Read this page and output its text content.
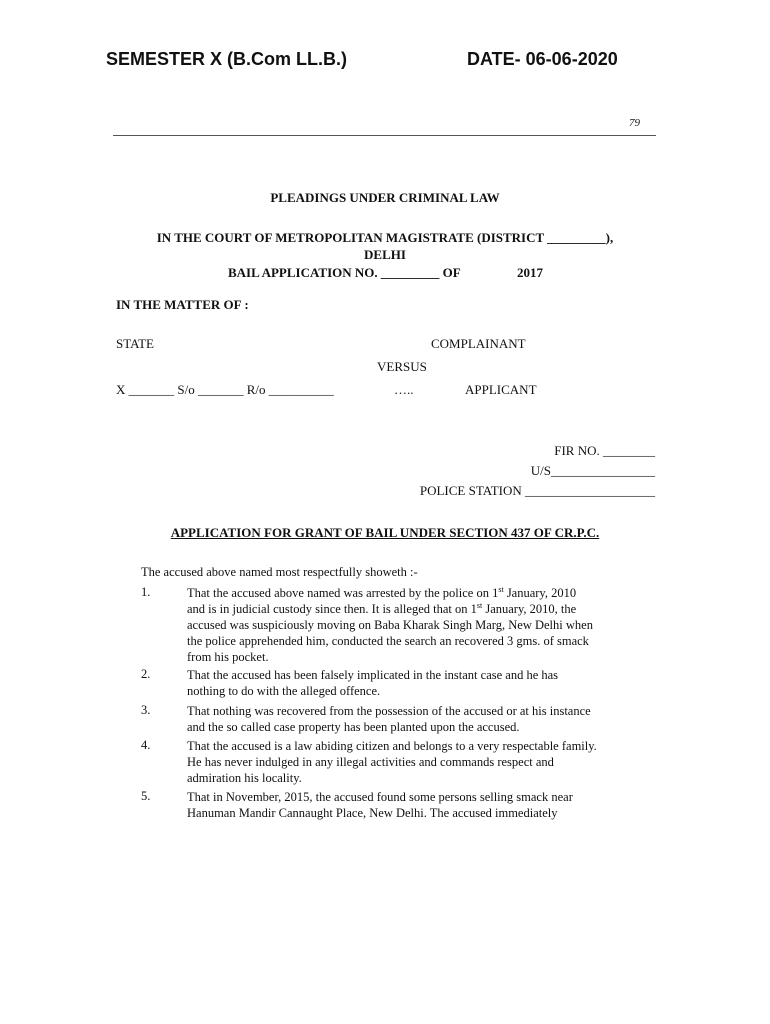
SEMESTER X (B.Com LL.B.)	DATE- 06-06-2020
79
PLEADINGS UNDER CRIMINAL LAW
IN THE COURT OF METROPOLITAN MAGISTRATE (DISTRICT _________),
DELHI
BAIL APPLICATION NO. _________ OF	2017
IN THE MATTER OF :
STATE	COMPLAINANT
VERSUS
X _______ S/o _______ R/o __________	…..	APPLICANT
FIR NO. ________
U/S________________
POLICE STATION ____________________
APPLICATION FOR GRANT OF BAIL UNDER SECTION 437 OF CR.P.C.
The accused above named most respectfully showeth :-
1.	That the accused above named was arrested by the police on 1st January, 2010
and is in judicial custody since then. It is alleged that on 1st January, 2010, the
accused was suspiciously moving on Baba Kharak Singh Marg, New Delhi when
the police apprehended him, conducted the search an recovered 3 gms. of smack
from his pocket.
2.	That the accused has been falsely implicated in the instant case and he has
nothing to do with the alleged offence.
3.	That nothing was recovered from the possession of the accused or at his instance
and the so called case property has been planted upon the accused.
4.	That the accused is a law abiding citizen and belongs to a very respectable family.
He has never indulged in any illegal activities and commands respect and
admiration his locality.
5.	That in November, 2015, the accused found some persons selling smack near
Hanuman Mandir Cannaught Place, New Delhi. The accused immediately
